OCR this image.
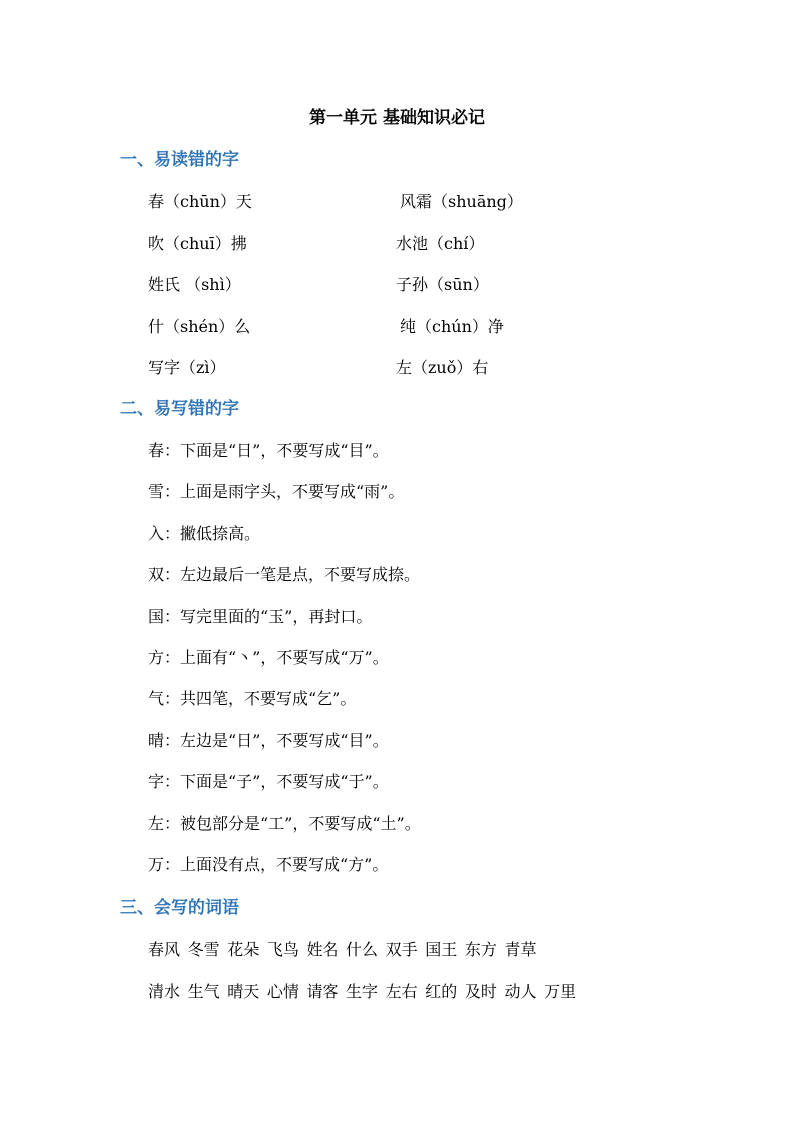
第一单元 基础知识必记
一、易读错的字
春（chūn）天	风霜（shuāng）
吹（chuī）拂	水池（chí）
姓氏 （shì）	子孙（sūn）
什（shén）么	纯（chún）净
写字（zì）	左（zuǒ）右
二、易写错的字
春：下面是“日”，不要写成“目”。
雪：上面是雨字头，不要写成“雨”。
入：撇低捺高。
双：左边最后一笔是点，不要写成捺。
国：写完里面的“玉”，再封口。
方：上面有“丶”，不要写成“万”。
气：共四笔，不要写成“乞”。
晴：左边是“日”，不要写成“目”。
字：下面是“子”，不要写成“于”。
左：被包部分是“工”，不要写成“土”。
万：上面没有点，不要写成“方”。
三、会写的词语
春风 冬雪 花朵 飞鸟 姓名 什么 双手 国王 东方 青草
清水 生气 晴天 心情 请客 生字 左右 红的 及时 动人 万里
